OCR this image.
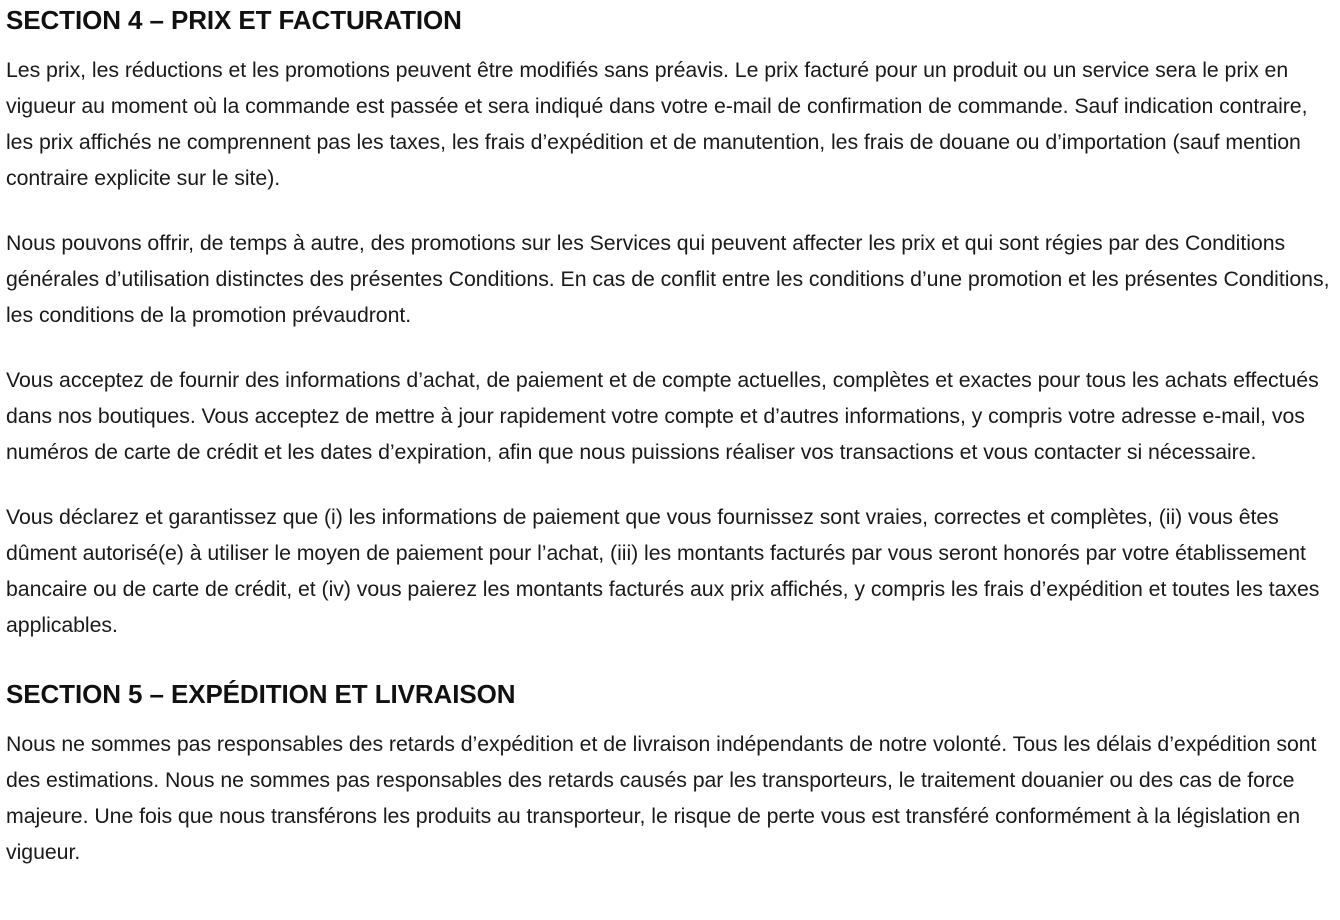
SECTION 4 – PRIX ET FACTURATION

Les prix, les réductions et les promotions peuvent être modifiés sans préavis. Le prix facturé pour un produit ou un service sera le prix en vigueur au moment où la commande est passée et sera indiqué dans votre e-mail de confirmation de commande. Sauf indication contraire, les prix affichés ne comprennent pas les taxes, les frais d’expédition et de manutention, les frais de douane ou d’importation (sauf mention contraire explicite sur le site).

Nous pouvons offrir, de temps à autre, des promotions sur les Services qui peuvent affecter les prix et qui sont régies par des Conditions générales d’utilisation distinctes des présentes Conditions. En cas de conflit entre les conditions d’une promotion et les présentes Conditions, les conditions de la promotion prévaudront.

Vous acceptez de fournir des informations d’achat, de paiement et de compte actuelles, complètes et exactes pour tous les achats effectués dans nos boutiques. Vous acceptez de mettre à jour rapidement votre compte et d’autres informations, y compris votre adresse e-mail, vos numéros de carte de crédit et les dates d’expiration, afin que nous puissions réaliser vos transactions et vous contacter si nécessaire.

Vous déclarez et garantissez que (i) les informations de paiement que vous fournissez sont vraies, correctes et complètes, (ii) vous êtes dûment autorisé(e) à utiliser le moyen de paiement pour l’achat, (iii) les montants facturés par vous seront honorés par votre établissement bancaire ou de carte de crédit, et (iv) vous paierez les montants facturés aux prix affichés, y compris les frais d’expédition et toutes les taxes applicables.

SECTION 5 – EXPÉDITION ET LIVRAISON

Nous ne sommes pas responsables des retards d’expédition et de livraison indépendants de notre volonté. Tous les délais d’expédition sont des estimations. Nous ne sommes pas responsables des retards causés par les transporteurs, le traitement douanier ou des cas de force majeure. Une fois que nous transférons les produits au transporteur, le risque de perte vous est transféré conformément à la législation en vigueur.
